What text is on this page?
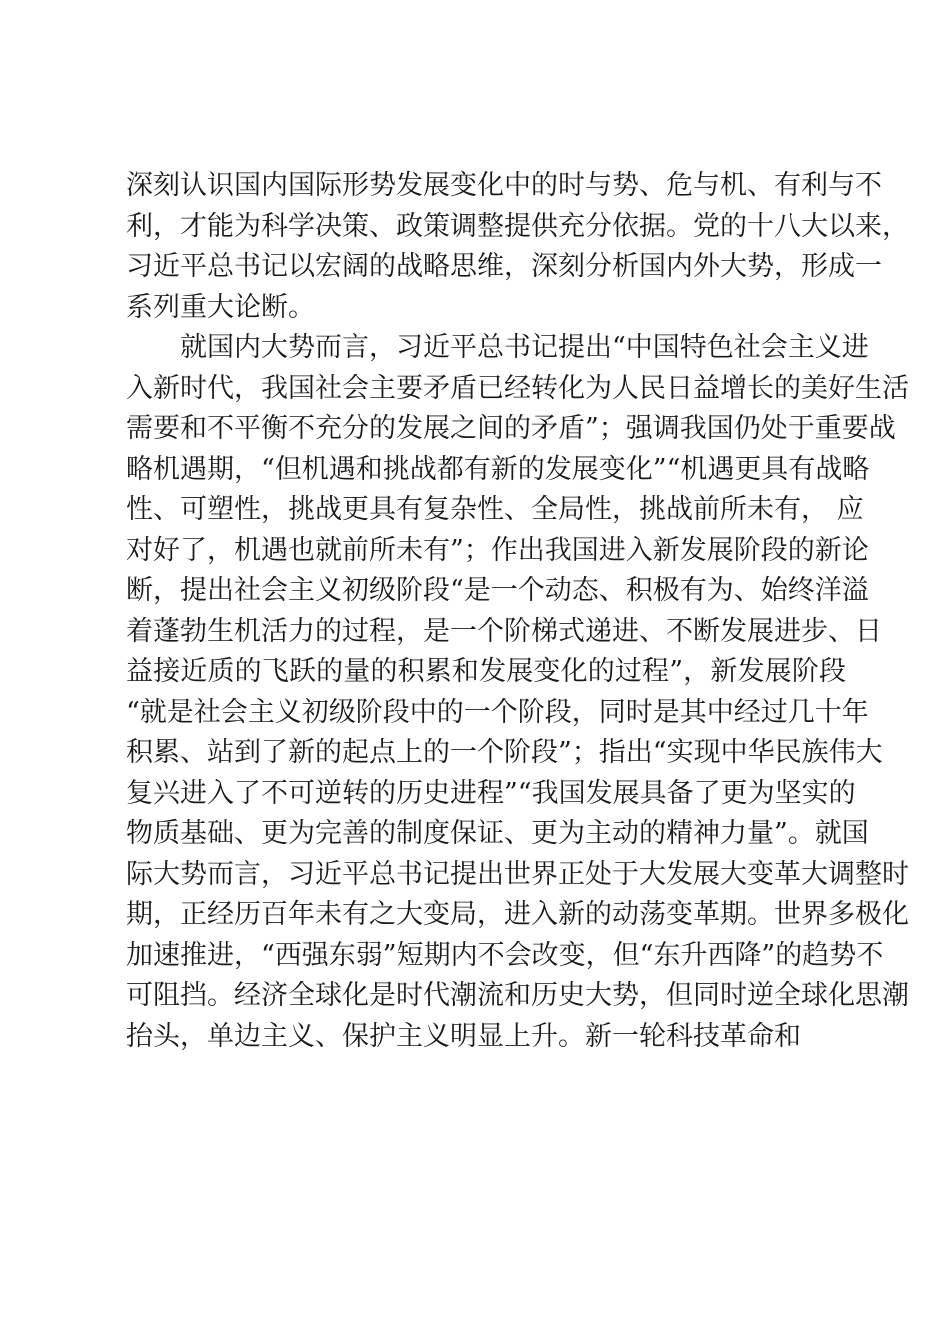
深刻认识国内国际形势发展变化中的时与势、危与机、有利与不
利，才能为科学决策、政策调整提供充分依据。党的十八大以来，
习近平总书记以宏阔的战略思维，深刻分析国内外大势，形成一
系列重大论断。
就国内大势而言，习近平总书记提出“中国特色社会主义进
入新时代，我国社会主要矛盾已经转化为人民日益增长的美好生活
需要和不平衡不充分的发展之间的矛盾”；强调我国仍处于重要战
略机遇期，“但机遇和挑战都有新的发展变化”“机遇更具有战略
性、可塑性，挑战更具有复杂性、全局性，挑战前所未有， 应
对好了，机遇也就前所未有”；作出我国进入新发展阶段的新论
断，提出社会主义初级阶段“是一个动态、积极有为、始终洋溢
着蓬勃生机活力的过程，是一个阶梯式递进、不断发展进步、日
益接近质的飞跃的量的积累和发展变化的过程”，新发展阶段
“就是社会主义初级阶段中的一个阶段，同时是其中经过几十年
积累、站到了新的起点上的一个阶段”；指出“实现中华民族伟大
复兴进入了不可逆转的历史进程”“我国发展具备了更为坚实的
物质基础、更为完善的制度保证、更为主动的精神力量”。就国
际大势而言，习近平总书记提出世界正处于大发展大变革大调整时
期，正经历百年未有之大变局，进入新的动荡变革期。世界多极化
加速推进，“西强东弱”短期内不会改变，但“东升西降”的趋势不
可阻挡。经济全球化是时代潮流和历史大势，但同时逆全球化思潮
抬头，单边主义、保护主义明显上升。新一轮科技革命和
